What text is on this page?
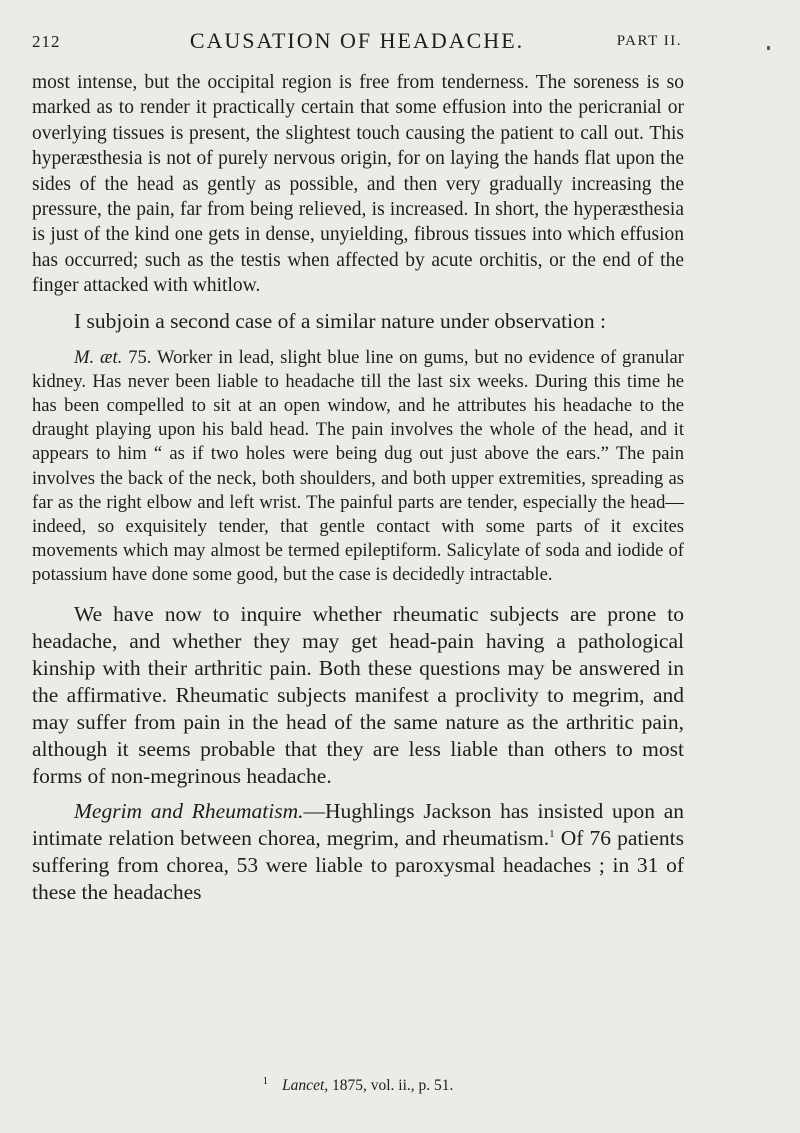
212	CAUSATION OF HEADACHE.	PART II.

most intense, but the occipital region is free from tenderness. The soreness is so marked as to render it practically certain that some effusion into the pericranial or overlying tissues is present, the slightest touch causing the patient to call out. This hyperæsthesia is not of purely nervous origin, for on laying the hands flat upon the sides of the head as gently as possible, and then very gradually increasing the pressure, the pain, far from being relieved, is increased. In short, the hyperæsthesia is just of the kind one gets in dense, unyielding, fibrous tissues into which effusion has occurred; such as the testis when affected by acute orchitis, or the end of the finger attacked with whitlow.

I subjoin a second case of a similar nature under observation :

M. æt. 75. Worker in lead, slight blue line on gums, but no evidence of granular kidney. Has never been liable to headache till the last six weeks. During this time he has been compelled to sit at an open window, and he attributes his headache to the draught playing upon his bald head. The pain involves the whole of the head, and it appears to him “ as if two holes were being dug out just above the ears.” The pain involves the back of the neck, both shoulders, and both upper extremities, spreading as far as the right elbow and left wrist. The painful parts are tender, especially the head—indeed, so exquisitely tender, that gentle contact with some parts of it excites movements which may almost be termed epileptiform. Salicylate of soda and iodide of potassium have done some good, but the case is decidedly intractable.

We have now to inquire whether rheumatic subjects are prone to headache, and whether they may get head-pain having a pathological kinship with their arthritic pain. Both these questions may be answered in the affirmative. Rheumatic subjects manifest a proclivity to megrim, and may suffer from pain in the head of the same nature as the arthritic pain, although it seems probable that they are less liable than others to most forms of non-megrinous headache.

Megrim and Rheumatism.—Hughlings Jackson has insisted upon an intimate relation between chorea, megrim, and rheumatism.$^1$ Of 76 patients suffering from chorea, 53 were liable to paroxysmal headaches ; in 31 of these the headaches

$^1$ Lancet, 1875, vol. ii., p. 51.
